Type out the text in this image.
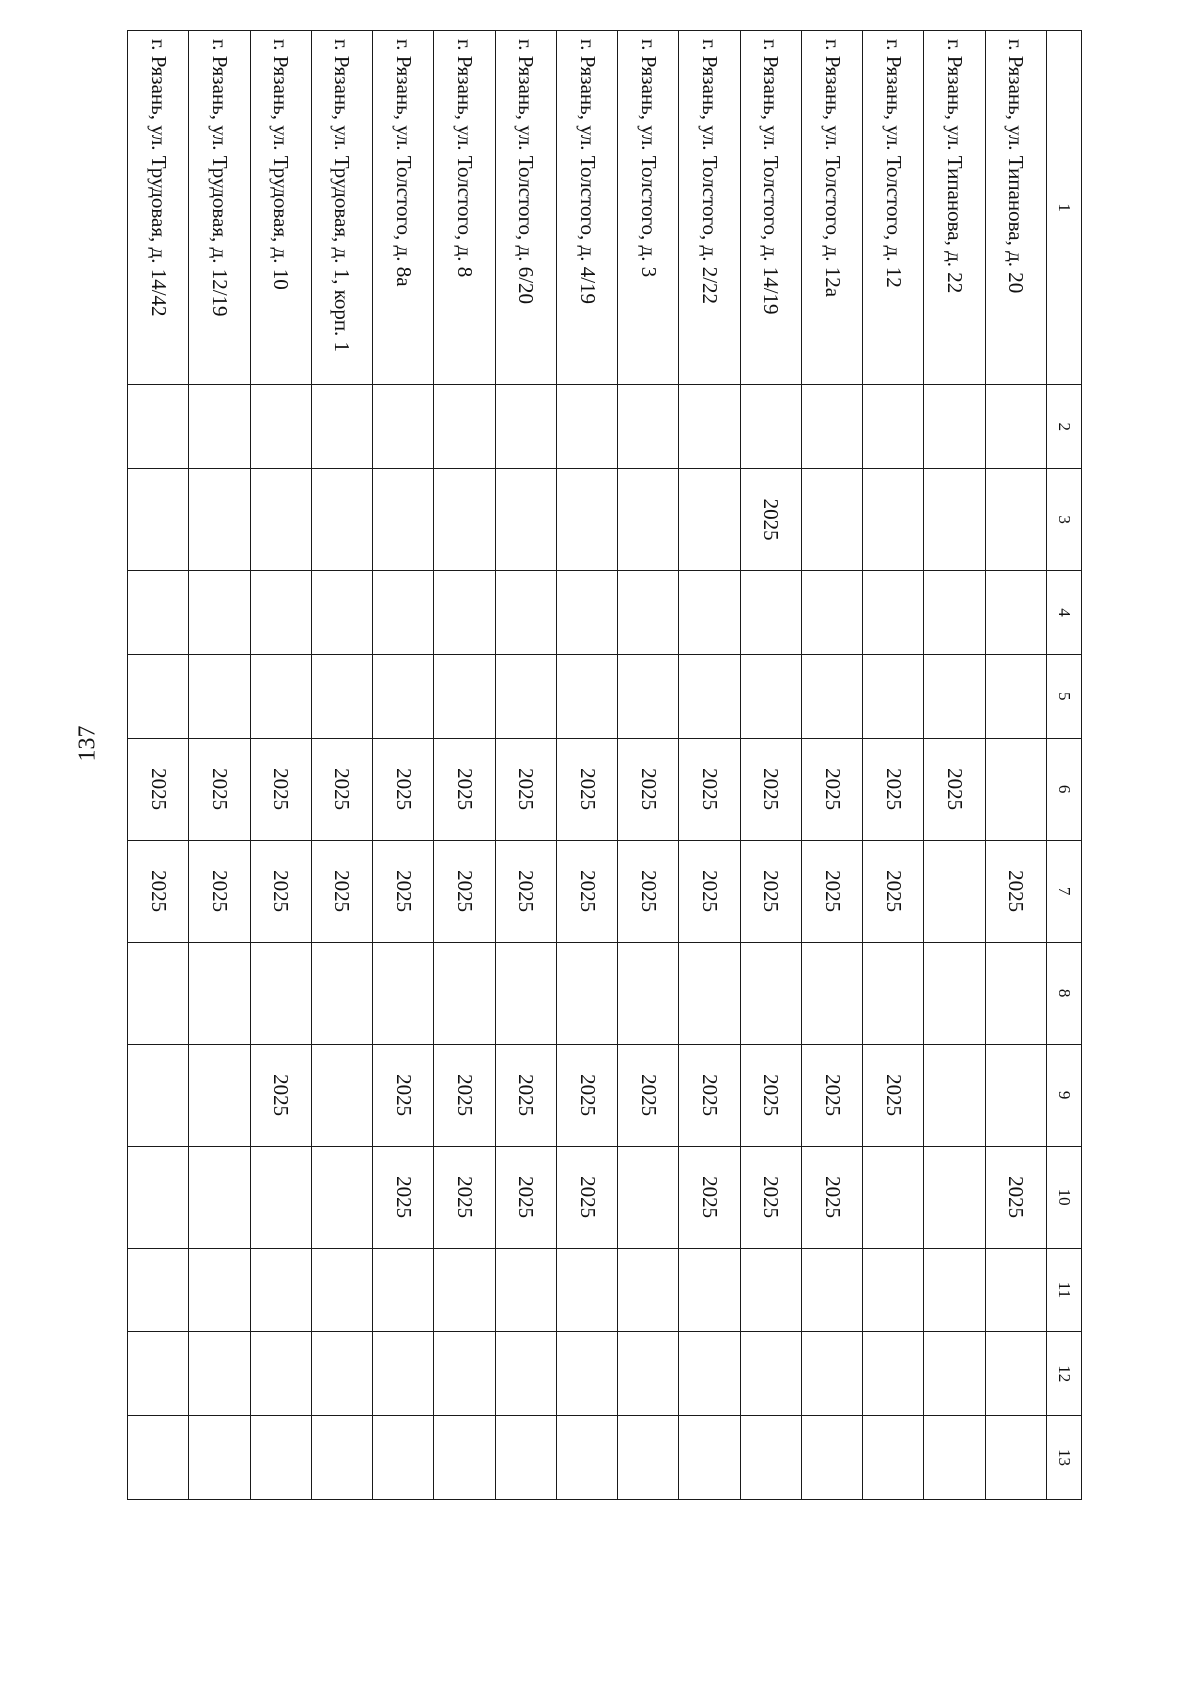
137
1	2	3	4	5	6	7	8	9	10	11	12	13
г. Рязань, ул. Типанова, д. 20						2025			2025			
г. Рязань, ул. Типанова, д. 22					2025							
г. Рязань, ул. Толстого, д. 12					2025	2025		2025				
г. Рязань, ул. Толстого, д. 12а					2025	2025		2025	2025			
г. Рязань, ул. Толстого, д. 14/19		2025			2025	2025		2025	2025			
г. Рязань, ул. Толстого, д. 2/22					2025	2025		2025	2025			
г. Рязань, ул. Толстого, д. 3					2025	2025		2025				
г. Рязань, ул. Толстого, д. 4/19					2025	2025		2025	2025			
г. Рязань, ул. Толстого, д. 6/20					2025	2025		2025	2025			
г. Рязань, ул. Толстого, д. 8					2025	2025		2025	2025			
г. Рязань, ул. Толстого, д. 8а					2025	2025		2025	2025			
г. Рязань, ул. Трудовая, д. 1, корп. 1					2025	2025						
г. Рязань, ул. Трудовая, д. 10					2025	2025		2025				
г. Рязань, ул. Трудовая, д. 12/19					2025	2025						
г. Рязань, ул. Трудовая, д. 14/42					2025	2025						
